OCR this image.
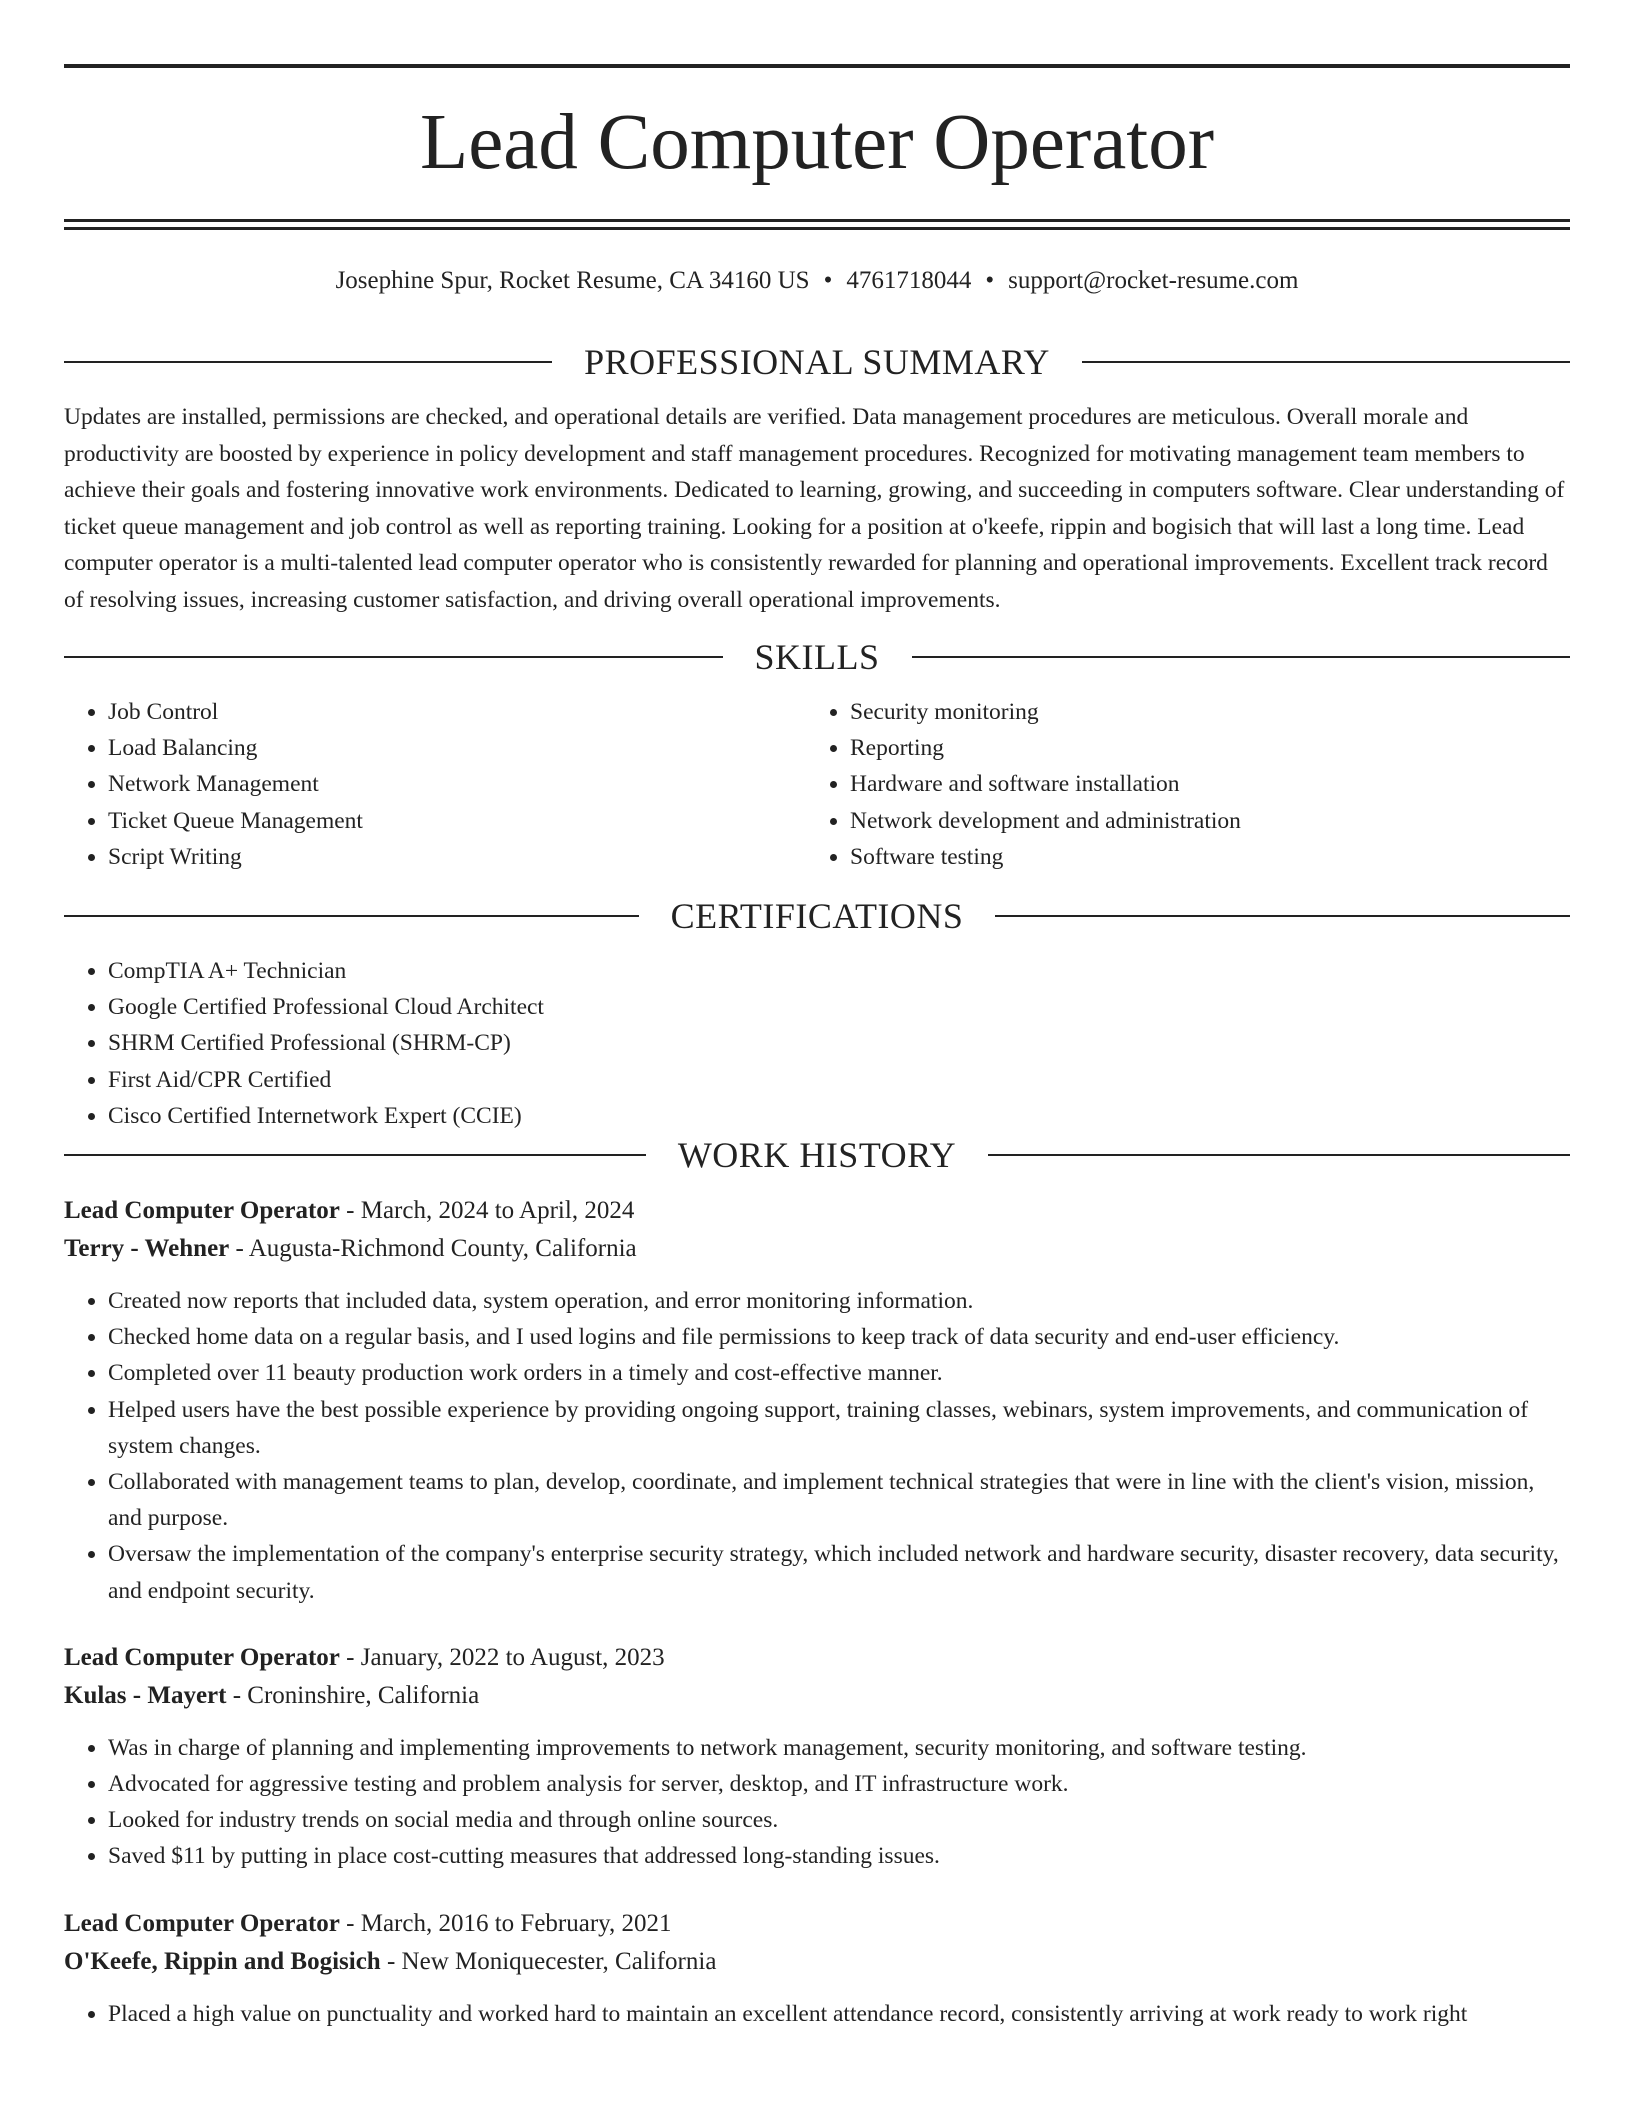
Lead Computer Operator
Josephine Spur, Rocket Resume, CA 34160 US • 4761718044 • support@rocket-resume.com
PROFESSIONAL SUMMARY

Updates are installed, permissions are checked, and operational details are verified. Data management procedures are meticulous. Overall morale and productivity are boosted by experience in policy development and staff management procedures. Recognized for motivating management team members to achieve their goals and fostering innovative work environments. Dedicated to learning, growing, and succeeding in computers software. Clear understanding of ticket queue management and job control as well as reporting training. Looking for a position at o'keefe, rippin and bogisich that will last a long time. Lead computer operator is a multi-talented lead computer operator who is consistently rewarded for planning and operational improvements. Excellent track record of resolving issues, increasing customer satisfaction, and driving overall operational improvements.

SKILLS
• Job Control
• Load Balancing
• Network Management
• Ticket Queue Management
• Script Writing
• Security monitoring
• Reporting
• Hardware and software installation
• Network development and administration
• Software testing
CERTIFICATIONS
• CompTIA A+ Technician
• Google Certified Professional Cloud Architect
• SHRM Certified Professional (SHRM-CP)
• First Aid/CPR Certified
• Cisco Certified Internetwork Expert (CCIE)
WORK HISTORY
Lead Computer Operator - March, 2024 to April, 2024
Terry - Wehner - Augusta-Richmond County, California
• Created now reports that included data, system operation, and error monitoring information.
• Checked home data on a regular basis, and I used logins and file permissions to keep track of data security and end-user efficiency.
• Completed over 11 beauty production work orders in a timely and cost-effective manner.
• Helped users have the best possible experience by providing ongoing support, training classes, webinars, system improvements, and communication of system changes.
• Collaborated with management teams to plan, develop, coordinate, and implement technical strategies that were in line with the client's vision, mission, and purpose.
• Oversaw the implementation of the company's enterprise security strategy, which included network and hardware security, disaster recovery, data security, and endpoint security.
Lead Computer Operator - January, 2022 to August, 2023
Kulas - Mayert - Croninshire, California
• Was in charge of planning and implementing improvements to network management, security monitoring, and software testing.
• Advocated for aggressive testing and problem analysis for server, desktop, and IT infrastructure work.
• Looked for industry trends on social media and through online sources.
• Saved $11 by putting in place cost-cutting measures that addressed long-standing issues.
Lead Computer Operator - March, 2016 to February, 2021
O'Keefe, Rippin and Bogisich - New Moniquecester, California
• Placed a high value on punctuality and worked hard to maintain an excellent attendance record, consistently arriving at work ready to work right
